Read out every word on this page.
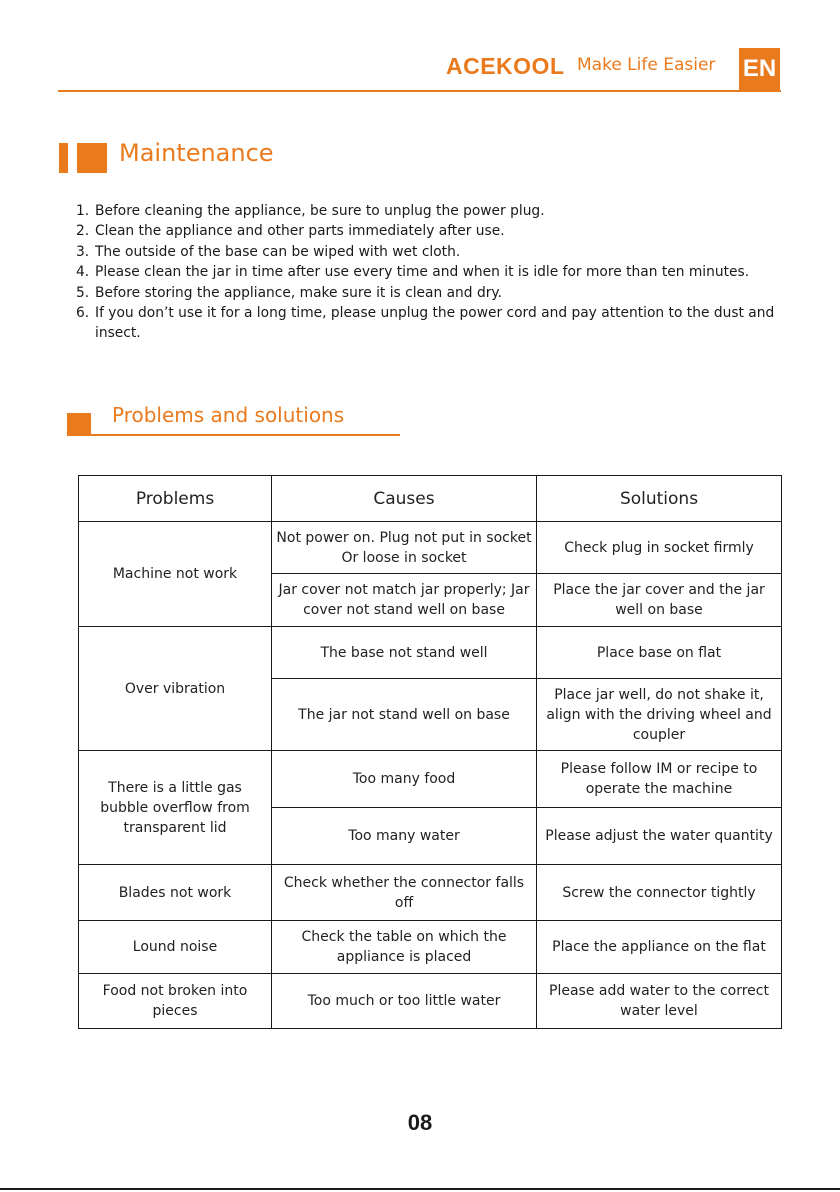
ACEKOOL Make Life Easier EN
Maintenance
1. Before cleaning the appliance, be sure to unplug the power plug.
2. Clean the appliance and other parts immediately after use.
3. The outside of the base can be wiped with wet cloth.
4. Please clean the jar in time after use every time and when it is idle for more than ten minutes.
5. Before storing the appliance, make sure it is clean and dry.
6. If you don’t use it for a long time, please unplug the power cord and pay attention to the dust and insect.
Problems and solutions
Problems	Causes	Solutions
Machine not work	Not power on. Plug not put in socket Or loose in socket	Check plug in socket firmly
	Jar cover not match jar properly; Jar cover not stand well on base	Place the jar cover and the jar well on base
Over vibration	The base not stand well	Place base on flat
	The jar not stand well on base	Place jar well, do not shake it, align with the driving wheel and coupler
There is a little gas bubble overflow from transparent lid	Too many food	Please follow IM or recipe to operate the machine
	Too many water	Please adjust the water quantity
Blades not work	Check whether the connector falls off	Screw the connector tightly
Lound noise	Check the table on which the appliance is placed	Place the appliance on the flat
Food not broken into pieces	Too much or too little water	Please add water to the correct water level
08
